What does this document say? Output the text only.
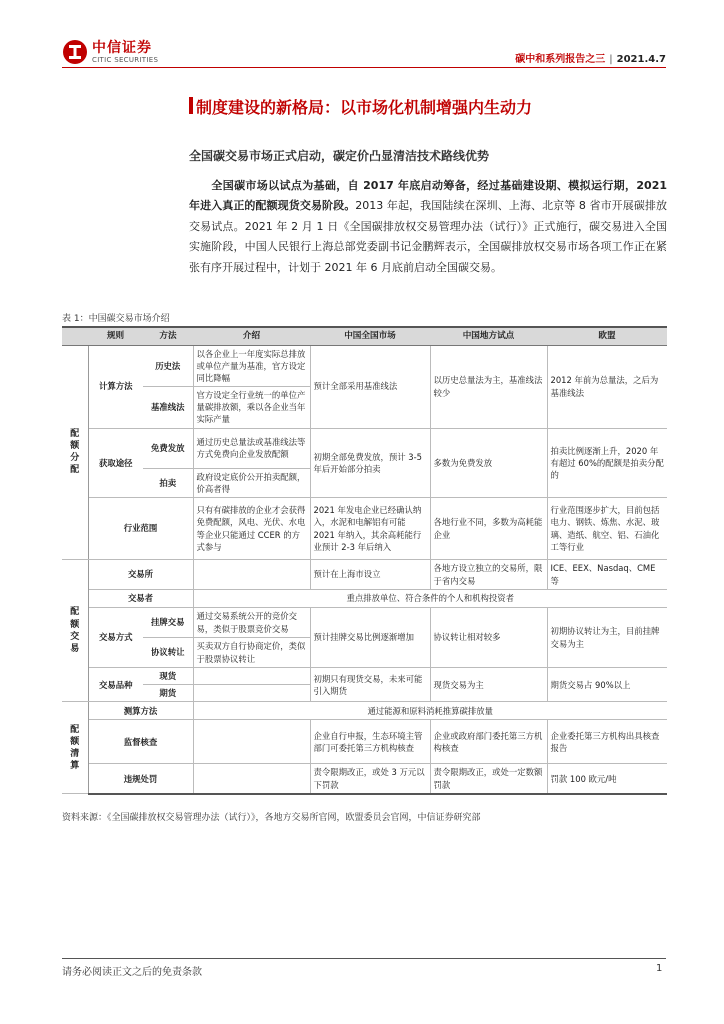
中信证券
CITIC SECURITIES	碳中和系列报告之三 | 2021.4.7
制度建设的新格局：以市场化机制增强内生动力
全国碳交易市场正式启动，碳定价凸显清洁技术路线优势

全国碳市场以试点为基础，自 2017 年底启动筹备，经过基础建设期、模拟运行期，2021 年进入真正的配额现货交易阶段。2013 年起，我国陆续在深圳、上海、北京等 8 省市开展碳排放交易试点。2021 年 2 月 1 日《全国碳排放权交易管理办法（试行）》正式施行，碳交易进入全国实施阶段，中国人民银行上海总部党委副书记金鹏辉表示，全国碳排放权交易市场各项工作正在紧张有序开展过程中，计划于 2021 年 6 月底前启动全国碳交易。

表 1：中国碳交易市场介绍
	规则	方法	介绍	中国全国市场	中国地方试点	欧盟
配
额
分
配	计算方法	历史法	以各企业上一年度实际总排放或单位产量为基准，官方设定同比降幅	预计全部采用基准线法	以历史总量法为主，基准线法较少	2012 年前为总量法，之后为基准线法
		基准线法	官方设定全行业统一的单位产量碳排放额，乘以各企业当年实际产量			
	获取途径	免费发放	通过历史总量法或基准线法等方式免费向企业发放配额	初期全部免费发放，预计 3-5 年后开始部分拍卖	多数为免费发放	拍卖比例逐渐上升，2020 年有超过 60%的配额是拍卖分配的
		拍卖	政府设定底价公开拍卖配额，价高者得			
	行业范围		只有有碳排放的企业才会获得免费配额，风电、光伏、水电等企业只能通过 CCER 的方式参与	2021 年发电企业已经确认纳入，水泥和电解铝有可能 2021 年纳入，其余高耗能行业预计 2-3 年后纳入	各地行业不同，多数为高耗能企业	行业范围逐步扩大，目前包括电力、钢铁、炼焦、水泥、玻璃、造纸、航空、铝、石油化工等行业
配
额
交
易	交易所			预计在上海市设立	各地方设立独立的交易所，限于省内交易	ICE、EEX、Nasdaq、CME 等
	交易者		重点排放单位、符合条件的个人和机构投资者			
	交易方式	挂牌交易	通过交易系统公开的竞价交易，类似于股票竞价交易	预计挂牌交易比例逐渐增加	协议转让相对较多	初期协议转让为主，目前挂牌交易为主
		协议转让	买卖双方自行协商定价，类似于股票协议转让			
	交易品种	现货		初期只有现货交易，未来可能引入期货	现货交易为主	期货交易占 90%以上
		期货				
配
额
清
算	测算方法		通过能源和原料消耗推算碳排放量			
	监督核查			企业自行申报，生态环境主管部门可委托第三方机构核查	企业或政府部门委托第三方机构核查	企业委托第三方机构出具核查报告
	违规处罚			责令限期改正，或处 3 万元以下罚款	责令限期改正，或处一定数额罚款	罚款 100 欧元/吨
资料来源：《全国碳排放权交易管理办法（试行）》，各地方交易所官网，欧盟委员会官网，中信证券研究部
请务必阅读正文之后的免责条款	1
